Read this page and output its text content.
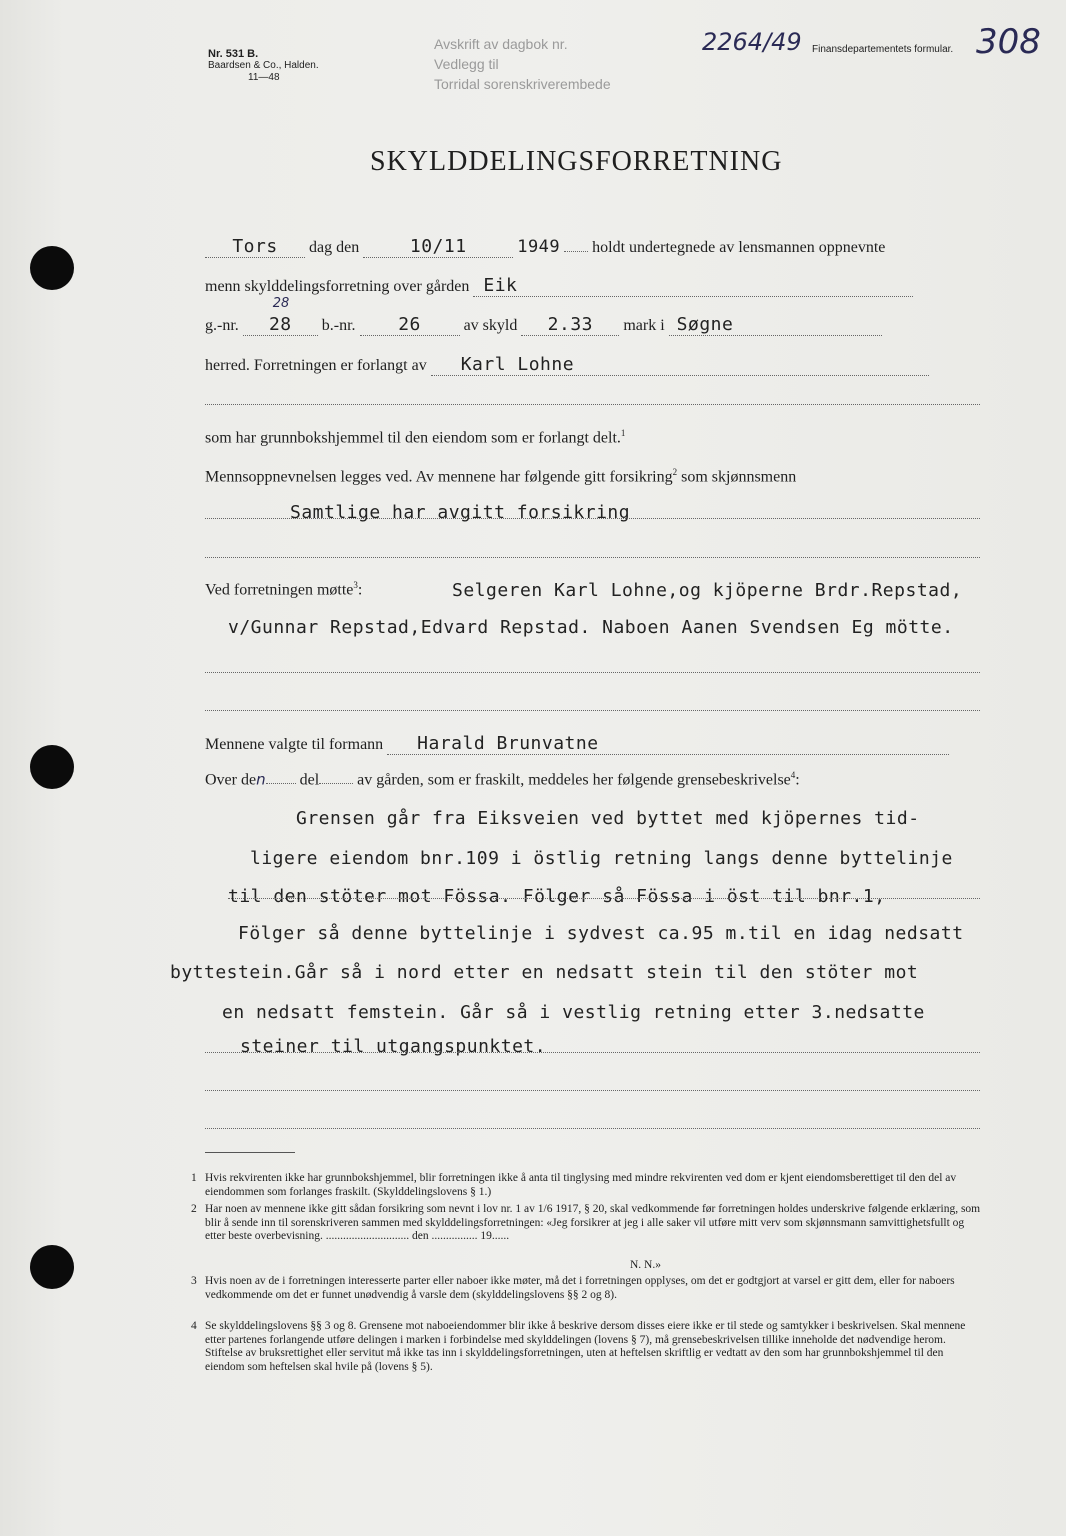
Nr. 531 B.
Baardsen & Co., Halden.
11—48
Avskrift av dagbok nr.
Vedlegg til
Torridal sorenskriverembede
2264/49 Finansdepartementets formular. 308
SKYLDDELINGSFORRETNING
Tors dag den	10/11	1949 holdt undertegnede av lensmannen oppnevnte
menn skylddelingsforretning over gården Eik
g.-nr.
28
28 b.-nr. 26	av skyld 2.33 mark i Søgne
herred. Forretningen er forlangt av Karl Lohne
som har grunnbokshjemmel til den eiendom som er forlangt delt.$^1$
Mennsoppnevnelsen legges ved. Av mennene har følgende gitt forsikring$^2$ som skjønnsmenn
Samtlige har avgitt forsikring
Ved forretningen møtte$^3$:	Selgeren Karl Lohne,og kjöperne Brdr.Repstad,
v/Gunnar Repstad,Edvard Repstad. Naboen Aanen Svendsen Eg mötte.
Mennene valgte til formann Harald Brunvatne
Over den del av gården, som er fraskilt, meddeles her følgende grensebeskrivelse$^4$:
Grensen går fra Eiksveien ved byttet med kjöpernes tid-
ligere eiendom bnr.109 i östlig retning langs denne byttelinje
til den stöter mot Fössa. Fölger så Fössa i öst til bnr.1,
Fölger så denne byttelinje i sydvest ca.95 m.til en idag nedsatt
byttestein.Går så i nord etter en nedsatt stein til den stöter mot
en nedsatt femstein. Går så i vestlig retning etter 3.nedsatte
steiner til utgangspunktet.
1 Hvis rekvirenten ikke har grunnbokshjemmel, blir forretningen ikke å anta til tinglysing med mindre rekvirenten ved dom er kjent eiendomsberettiget til den del av eiendommen som forlanges fraskilt. (Skylddelingslovens § 1.)

2 Har noen av mennene ikke gitt sådan forsikring som nevnt i lov nr. 1 av 1/6 1917, § 20, skal vedkommende før forretningen holdes underskrive følgende erklæring, som blir å sende inn til sorenskriveren sammen med skylddelingsforretningen: «Jeg forsikrer at jeg i alle saker vil utføre mitt verv som skjønnsmann samvittighetsfullt og etter beste overbevisning. ............................. den ................ 19......

N. N.»
3 Hvis noen av de i forretningen interesserte parter eller naboer ikke møter, må det i forretningen opplyses, om det er godtgjort at varsel er gitt dem, eller for naboers vedkommende om det er funnet unødvendig å varsle dem (skylddelingslovens §§ 2 og 8).

4 Se skylddelingslovens §§ 3 og 8. Grensene mot naboeiendommer blir ikke å beskrive dersom disses eiere ikke er til stede og samtykker i beskrivelsen. Skal mennene etter partenes forlangende utføre delingen i marken i forbindelse med skylddelingen (lovens § 7), må grensebeskrivelsen tillike inneholde det nødvendige herom. Stiftelse av bruksrettighet eller servitut må ikke tas inn i skylddelingsforretningen, uten at heftelsen skriftlig er vedtatt av den som har grunnbokshjemmel til den eiendom som heftelsen skal hvile på (lovens § 5).
